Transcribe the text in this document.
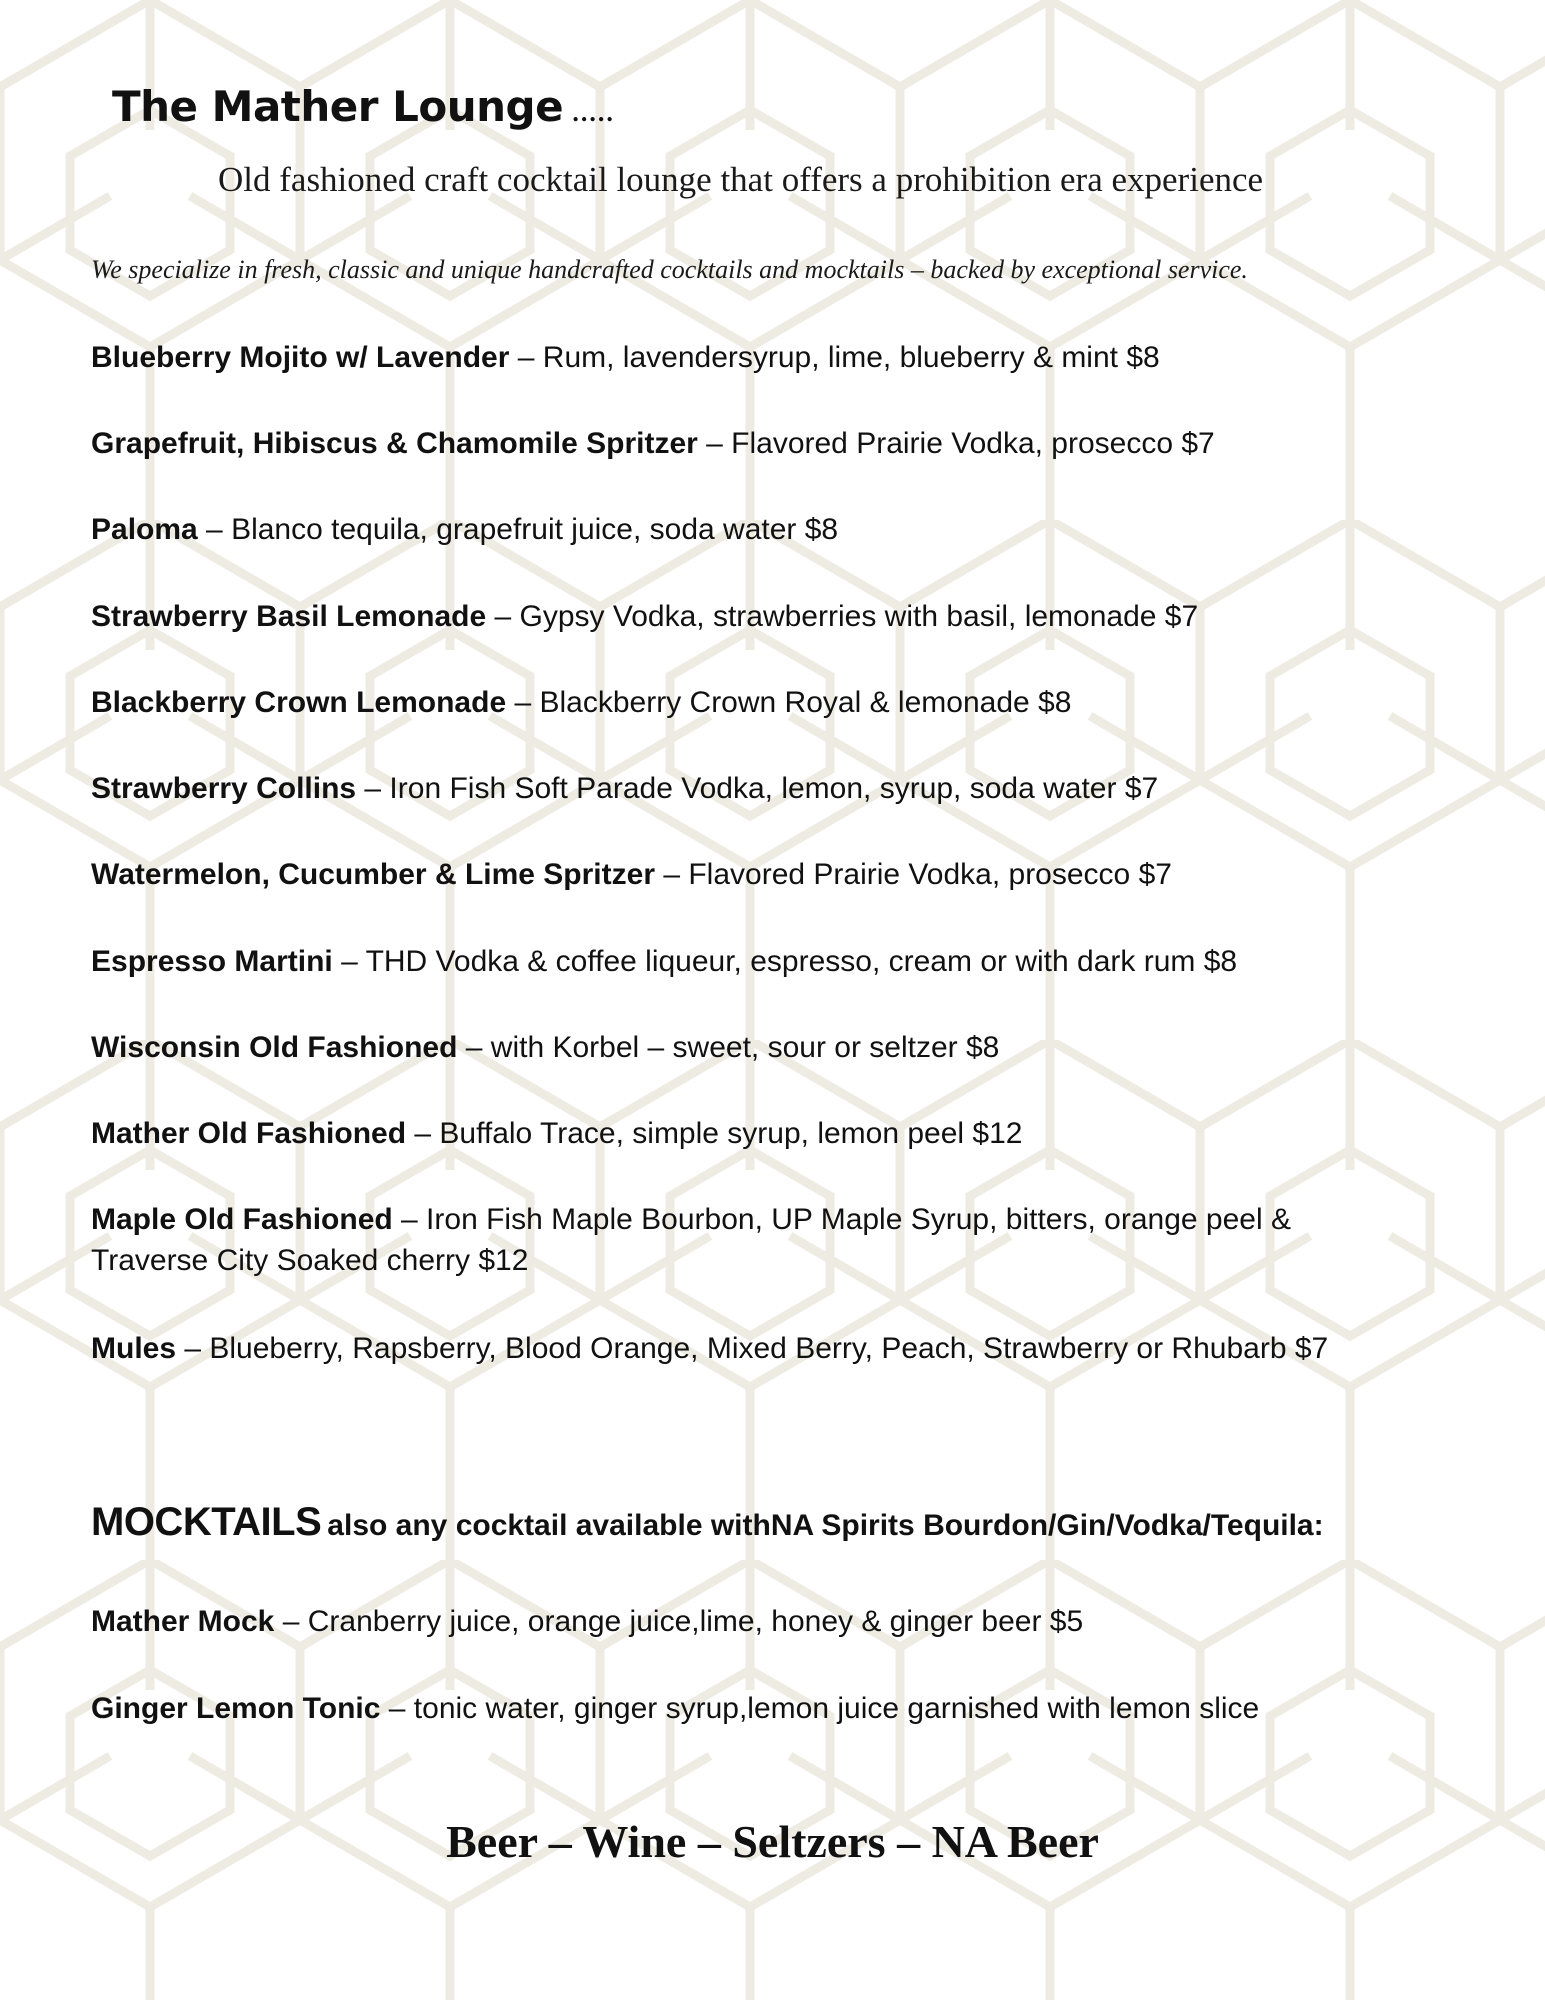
The Mather Lounge .....

Old fashioned craft cocktail lounge that offers a prohibition era experience

We specialize in fresh, classic and unique handcrafted cocktails and mocktails – backed by exceptional service.

Blueberry Mojito w/ Lavender – Rum, lavendersyrup, lime, blueberry & mint $8

Grapefruit, Hibiscus & Chamomile Spritzer – Flavored Prairie Vodka, prosecco $7

Paloma – Blanco tequila, grapefruit juice, soda water $8

Strawberry Basil Lemonade – Gypsy Vodka, strawberries with basil, lemonade $7

Blackberry Crown Lemonade – Blackberry Crown Royal & lemonade $8

Strawberry Collins – Iron Fish Soft Parade Vodka, lemon, syrup, soda water $7

Watermelon, Cucumber & Lime Spritzer – Flavored Prairie Vodka, prosecco $7

Espresso Martini – THD Vodka & coffee liqueur, espresso, cream or with dark rum $8

Wisconsin Old Fashioned – with Korbel – sweet, sour or seltzer $8

Mather Old Fashioned – Buffalo Trace, simple syrup, lemon peel $12

Maple Old Fashioned – Iron Fish Maple Bourbon, UP Maple Syrup, bitters, orange peel &
Traverse City Soaked cherry $12

Mules – Blueberry, Rapsberry, Blood Orange, Mixed Berry, Peach, Strawberry or Rhubarb $7

MOCKTAILS also any cocktail available withNA Spirits Bourdon/Gin/Vodka/Tequila:

Mather Mock – Cranberry juice, orange juice,lime, honey & ginger beer $5

Ginger Lemon Tonic – tonic water, ginger syrup,lemon juice garnished with lemon slice

Beer – Wine – Seltzers – NA Beer
